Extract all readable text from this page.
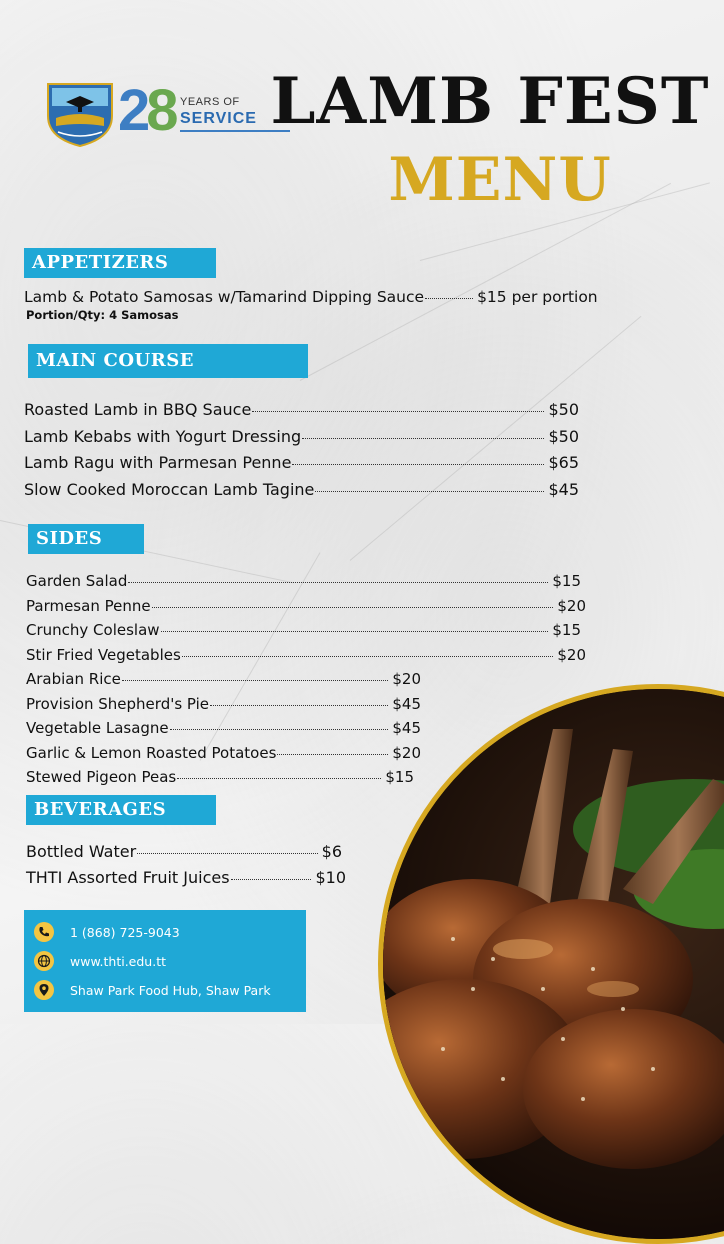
28 YEARS OF
SERVICE LAMB FEST
MENU
APPETIZERS
Lamb & Potato Samosas w/Tamarind Dipping Sauce	$15 per portion
Portion/Qty: 4 Samosas
MAIN COURSE
Roasted Lamb in BBQ Sauce	$50
Lamb Kebabs with Yogurt Dressing	$50
Lamb Ragu with Parmesan Penne	$65
Slow Cooked Moroccan Lamb Tagine	$45
SIDES
Garden Salad	$15
Parmesan Penne	$20
Crunchy Coleslaw	$15
Stir Fried Vegetables	$20
Arabian Rice	$20
Provision Shepherd's Pie	$45
Vegetable Lasagne	$45
Garlic & Lemon Roasted Potatoes	$20
Stewed Pigeon Peas	$15
BEVERAGES
Bottled Water	$6
THTI Assorted Fruit Juices	$10
1 (868) 725-9043
www.thti.edu.tt
Shaw Park Food Hub, Shaw Park
